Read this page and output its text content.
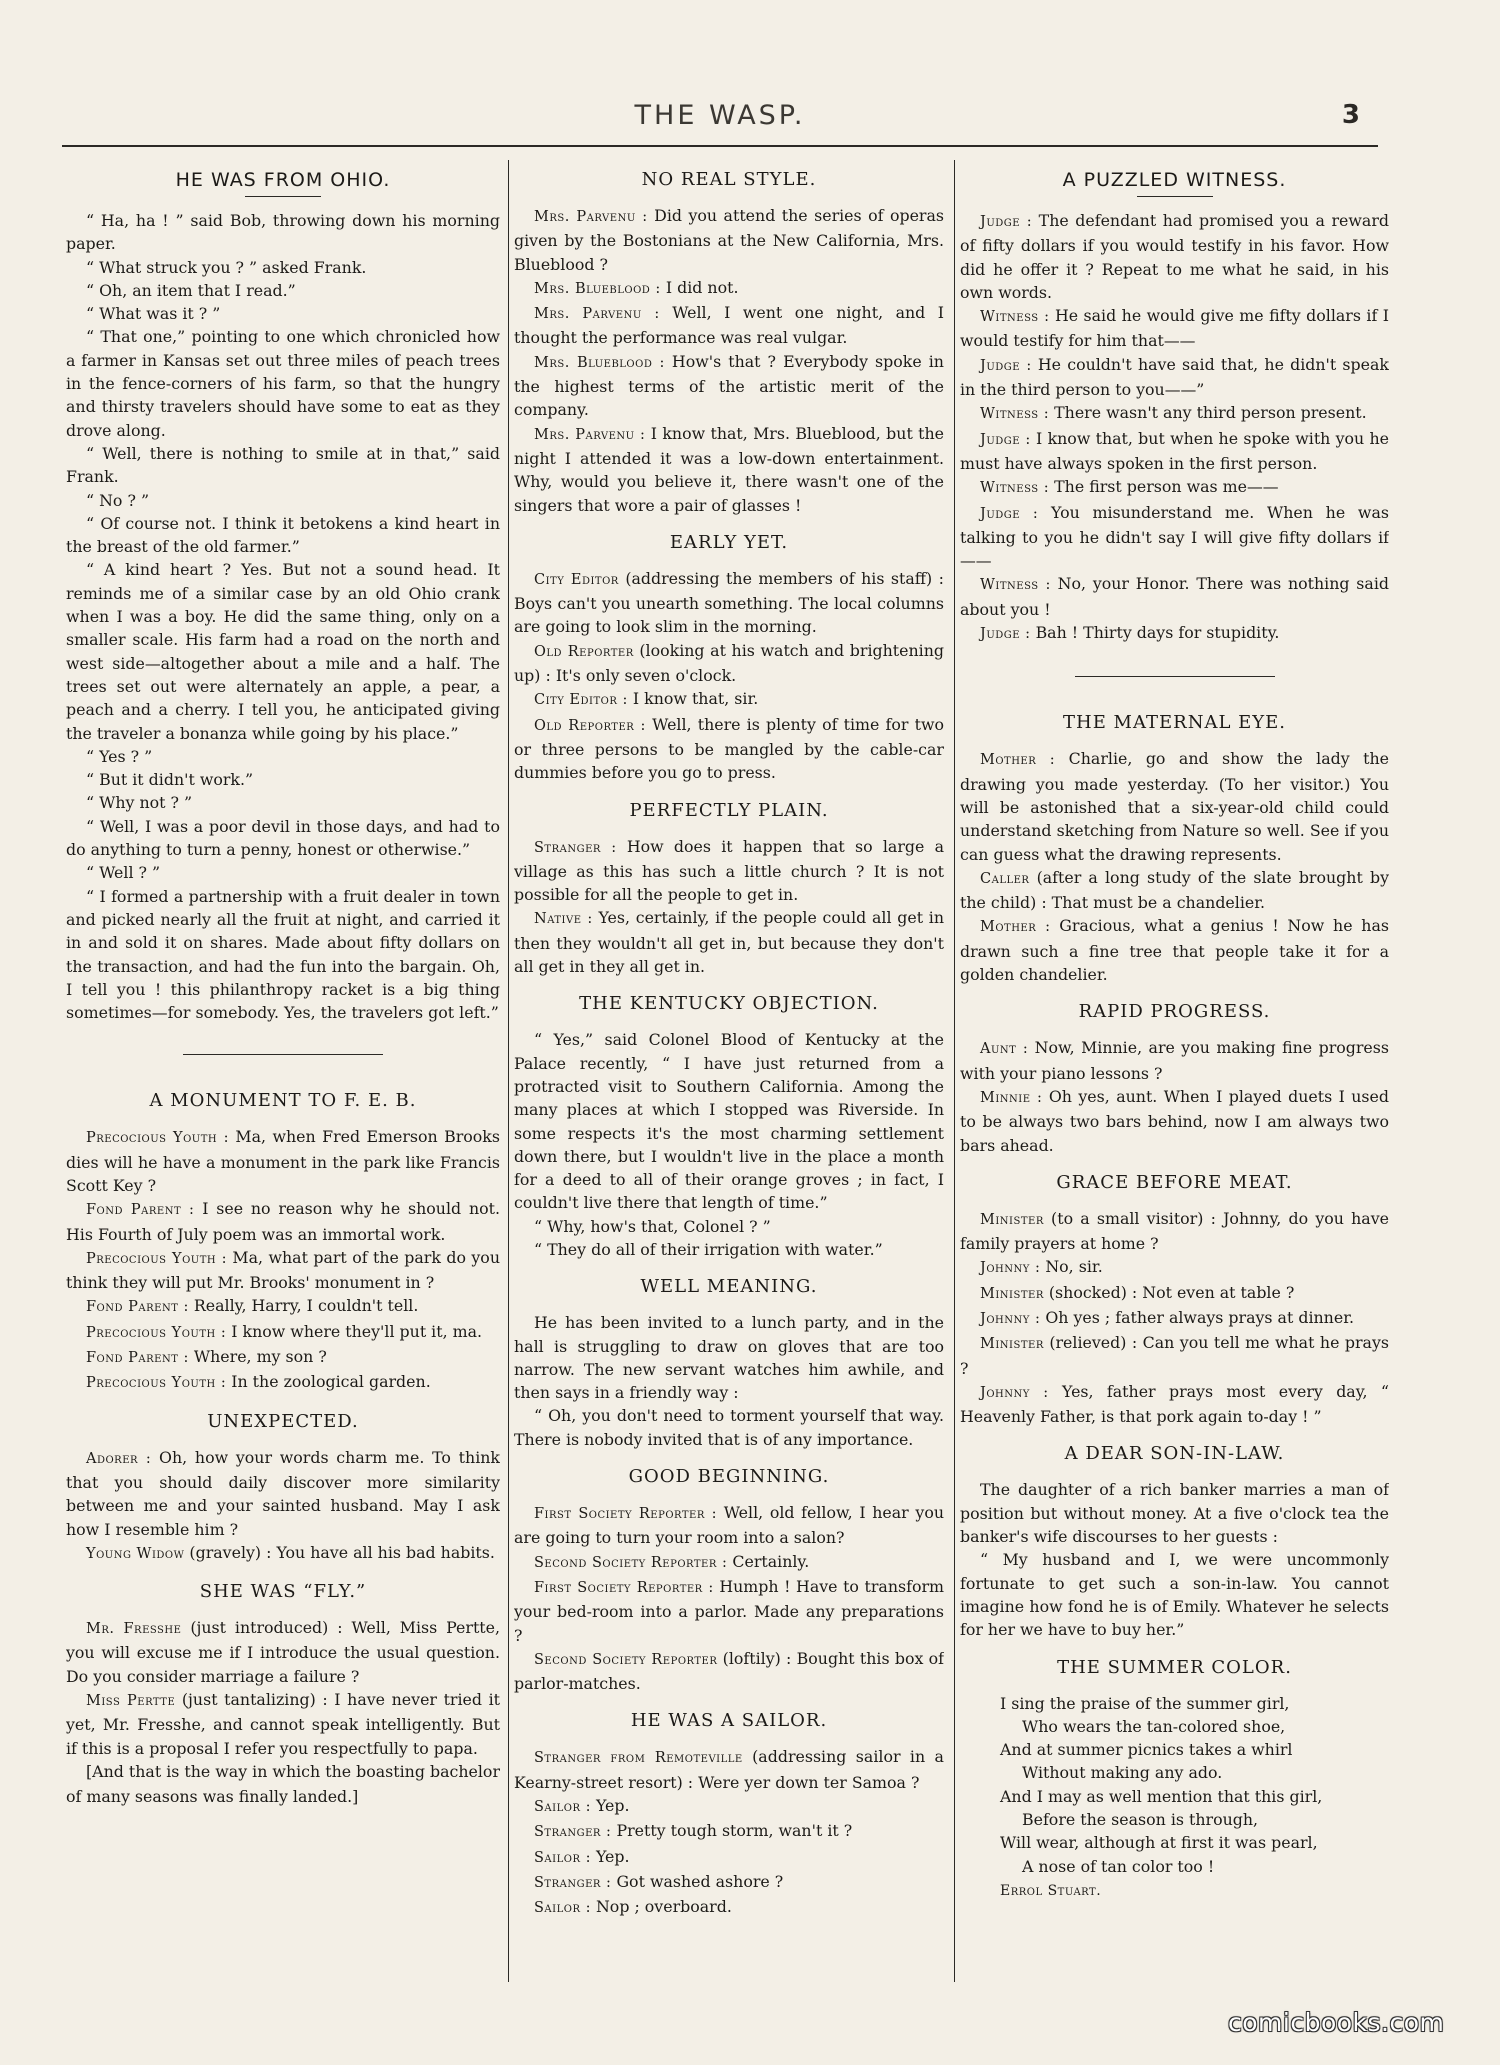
THE WASP.	3
HE WAS FROM OHIO.

“ Ha, ha ! ” said Bob, throwing down his morning paper.

“ What struck you ? ” asked Frank.

“ Oh, an item that I read.”

“ What was it ? ”

“ That one,” pointing to one which chronicled how a farmer in Kansas set out three miles of peach trees in the fence-corners of his farm, so that the hungry and thirsty travelers should have some to eat as they drove along.

“ Well, there is nothing to smile at in that,” said Frank.

“ No ? ”

“ Of course not. I think it betokens a kind heart in the breast of the old farmer.”

“ A kind heart ? Yes. But not a sound head. It reminds me of a similar case by an old Ohio crank when I was a boy. He did the same thing, only on a smaller scale. His farm had a road on the north and west side—altogether about a mile and a half. The trees set out were alternately an apple, a pear, a peach and a cherry. I tell you, he anticipated giving the traveler a bonanza while going by his place.”

“ Yes ? ”

“ But it didn't work.”

“ Why not ? ”

“ Well, I was a poor devil in those days, and had to do anything to turn a penny, honest or otherwise.”

“ Well ? ”

“ I formed a partnership with a fruit dealer in town and picked nearly all the fruit at night, and carried it in and sold it on shares. Made about fifty dollars on the transaction, and had the fun into the bargain. Oh, I tell you ! this philanthropy racket is a big thing sometimes—for somebody. Yes, the travelers got left.”

A MONUMENT TO F. E. B.

Precocious Youth : Ma, when Fred Emerson Brooks dies will he have a monument in the park like Francis Scott Key ?

Fond Parent : I see no reason why he should not. His Fourth of July poem was an immortal work.

Precocious Youth : Ma, what part of the park do you think they will put Mr. Brooks' monument in ?

Fond Parent : Really, Harry, I couldn't tell.

Precocious Youth : I know where they'll put it, ma.

Fond Parent : Where, my son ?

Precocious Youth : In the zoological garden.

UNEXPECTED.

Adorer : Oh, how your words charm me. To think that you should daily discover more similarity between me and your sainted husband. May I ask how I resemble him ?

Young Widow (gravely) : You have all his bad habits.

SHE WAS “FLY.”

Mr. Fresshe (just introduced) : Well, Miss Pertte, you will excuse me if I introduce the usual question. Do you consider marriage a failure ?

Miss Pertte (just tantalizing) : I have never tried it yet, Mr. Fresshe, and cannot speak intelligently. But if this is a proposal I refer you respectfully to papa.

[And that is the way in which the boasting bachelor of many seasons was finally landed.]

NO REAL STYLE.

Mrs. Parvenu : Did you attend the series of operas given by the Bostonians at the New California, Mrs. Blueblood ?

Mrs. Blueblood : I did not.

Mrs. Parvenu : Well, I went one night, and I thought the performance was real vulgar.

Mrs. Blueblood : How's that ? Everybody spoke in the highest terms of the artistic merit of the company.

Mrs. Parvenu : I know that, Mrs. Blueblood, but the night I attended it was a low-down entertainment. Why, would you believe it, there wasn't one of the singers that wore a pair of glasses !

EARLY YET.

City Editor (addressing the members of his staff) : Boys can't you unearth something. The local columns are going to look slim in the morning.

Old Reporter (looking at his watch and brightening up) : It's only seven o'clock.

City Editor : I know that, sir.

Old Reporter : Well, there is plenty of time for two or three persons to be mangled by the cable-car dummies before you go to press.

PERFECTLY PLAIN.

Stranger : How does it happen that so large a village as this has such a little church ? It is not possible for all the people to get in.

Native : Yes, certainly, if the people could all get in then they wouldn't all get in, but because they don't all get in they all get in.

THE KENTUCKY OBJECTION.

“ Yes,” said Colonel Blood of Kentucky at the Palace recently, “ I have just returned from a protracted visit to Southern California. Among the many places at which I stopped was Riverside. In some respects it's the most charming settlement down there, but I wouldn't live in the place a month for a deed to all of their orange groves ; in fact, I couldn't live there that length of time.”

“ Why, how's that, Colonel ? ”

“ They do all of their irrigation with water.”

WELL MEANING.

He has been invited to a lunch party, and in the hall is struggling to draw on gloves that are too narrow. The new servant watches him awhile, and then says in a friendly way :

“ Oh, you don't need to torment yourself that way. There is nobody invited that is of any importance.

GOOD BEGINNING.

First Society Reporter : Well, old fellow, I hear you are going to turn your room into a salon?

Second Society Reporter : Certainly.

First Society Reporter : Humph ! Have to transform your bed-room into a parlor. Made any preparations ?

Second Society Reporter (loftily) : Bought this box of parlor-matches.

HE WAS A SAILOR.

Stranger from Remoteville (addressing sailor in a Kearny-street resort) : Were yer down ter Samoa ?

Sailor : Yep.

Stranger : Pretty tough storm, wan't it ?

Sailor : Yep.

Stranger : Got washed ashore ?

Sailor : Nop ; overboard.

A PUZZLED WITNESS.

Judge : The defendant had promised you a reward of fifty dollars if you would testify in his favor. How did he offer it ? Repeat to me what he said, in his own words.

Witness : He said he would give me fifty dollars if I would testify for him that——

Judge : He couldn't have said that, he didn't speak in the third person to you——”

Witness : There wasn't any third person present.

Judge : I know that, but when he spoke with you he must have always spoken in the first person.

Witness : The first person was me——

Judge : You misunderstand me. When he was talking to you he didn't say I will give fifty dollars if——

Witness : No, your Honor. There was nothing said about you !

Judge : Bah ! Thirty days for stupidity.

THE MATERNAL EYE.

Mother : Charlie, go and show the lady the drawing you made yesterday. (To her visitor.) You will be astonished that a six-year-old child could understand sketching from Nature so well. See if you can guess what the drawing represents.

Caller (after a long study of the slate brought by the child) : That must be a chandelier.

Mother : Gracious, what a genius ! Now he has drawn such a fine tree that people take it for a golden chandelier.

RAPID PROGRESS.

Aunt : Now, Minnie, are you making fine progress with your piano lessons ?

Minnie : Oh yes, aunt. When I played duets I used to be always two bars behind, now I am always two bars ahead.

GRACE BEFORE MEAT.

Minister (to a small visitor) : Johnny, do you have family prayers at home ?

Johnny : No, sir.

Minister (shocked) : Not even at table ?

Johnny : Oh yes ; father always prays at dinner.

Minister (relieved) : Can you tell me what he prays ?

Johnny : Yes, father prays most every day, “ Heavenly Father, is that pork again to-day ! ”

A DEAR SON-IN-LAW.

The daughter of a rich banker marries a man of position but without money. At a five o'clock tea the banker's wife discourses to her guests :

“ My husband and I, we were uncommonly fortunate to get such a son-in-law. You cannot imagine how fond he is of Emily. Whatever he selects for her we have to buy her.”

THE SUMMER COLOR.

I sing the praise of the summer girl,

Who wears the tan-colored shoe,

And at summer picnics takes a whirl

Without making any ado.

And I may as well mention that this girl,

Before the season is through,

Will wear, although at first it was pearl,

A nose of tan color too !

Errol Stuart.

comicbooks.com
